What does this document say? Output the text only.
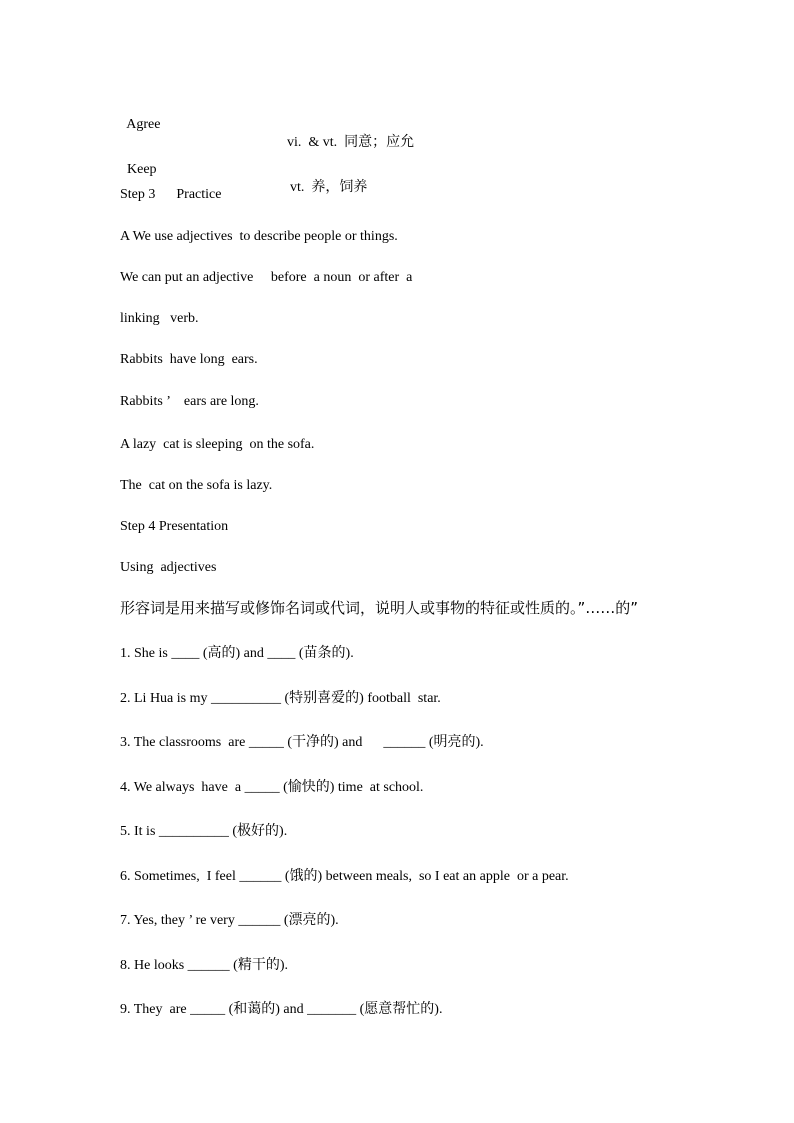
Agree

vi.  & vt.  同意；应允

Keep

vt.  养，饲养

Step 3      Practice
A We use adjectives  to describe people or things.
We can put an adjective     before  a noun  or after  a
linking   verb.
Rabbits  have long  ears.
Rabbits ’    ears are long.
A lazy  cat is sleeping  on the sofa.
The  cat on the sofa is lazy.
Step 4 Presentation
Using  adjectives
形容词是用来描写或修饰名词或代词，说明人或事物的特征或性质的。”……的”
1. She is ____ (高的) and ____ (苗条的).
2. Li Hua is my __________ (特别喜爱的) football  star.
3. The classrooms  are _____ (干净的) and      ______ (明亮的).
4. We always  have  a _____ (愉快的) time  at school.
5. It is __________ (极好的).
6. Sometimes,  I feel ______ (饿的) between meals,  so I eat an apple  or a pear.
7. Yes, they ’ re very ______ (漂亮的).
8. He looks ______ (精干的).
9. They  are _____ (和蔼的) and _______ (愿意帮忙的).
